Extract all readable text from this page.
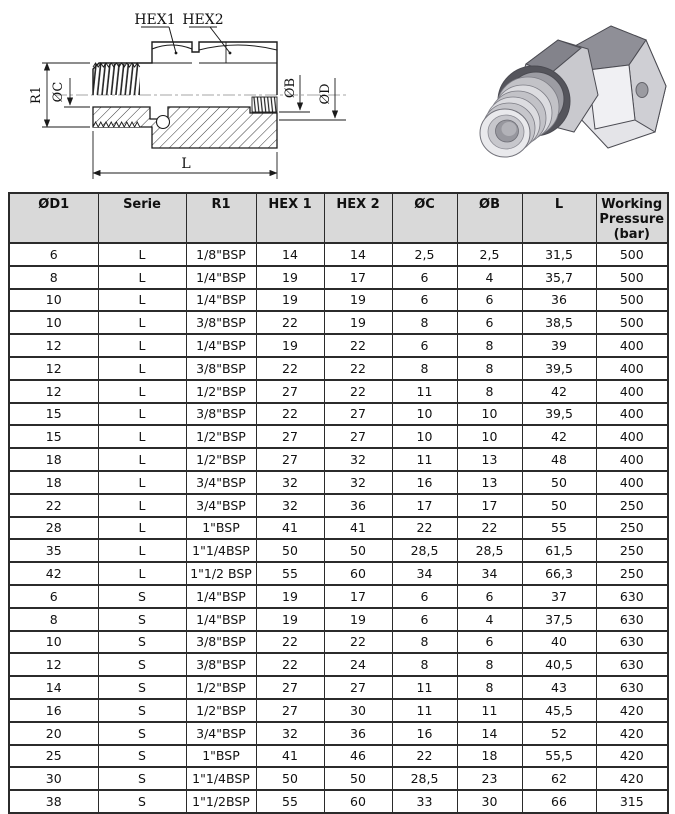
HEX1 HEX2
R1 ØC	ØB ØD
L
ØD1	Serie	R1	HEX 1	HEX 2	ØC	ØB	L	Working Pressure (bar)
6	L	1/8"BSP	14	14	2,5	2,5	31,5	500
8	L	1/4"BSP	19	17	6	4	35,7	500
10	L	1/4"BSP	19	19	6	6	36	500
10	L	3/8"BSP	22	19	8	6	38,5	500
12	L	1/4"BSP	19	22	6	8	39	400
12	L	3/8"BSP	22	22	8	8	39,5	400
12	L	1/2"BSP	27	22	11	8	42	400
15	L	3/8"BSP	22	27	10	10	39,5	400
15	L	1/2"BSP	27	27	10	10	42	400
18	L	1/2"BSP	27	32	11	13	48	400
18	L	3/4"BSP	32	32	16	13	50	400
22	L	3/4"BSP	32	36	17	17	50	250
28	L	1"BSP	41	41	22	22	55	250
35	L	1"1/4BSP	50	50	28,5	28,5	61,5	250
42	L	1"1/2 BSP	55	60	34	34	66,3	250
6	S	1/4"BSP	19	17	6	6	37	630
8	S	1/4"BSP	19	19	6	4	37,5	630
10	S	3/8"BSP	22	22	8	6	40	630
12	S	3/8"BSP	22	24	8	8	40,5	630
14	S	1/2"BSP	27	27	11	8	43	630
16	S	1/2"BSP	27	30	11	11	45,5	420
20	S	3/4"BSP	32	36	16	14	52	420
25	S	1"BSP	41	46	22	18	55,5	420
30	S	1"1/4BSP	50	50	28,5	23	62	420
38	S	1"1/2BSP	55	60	33	30	66	315
